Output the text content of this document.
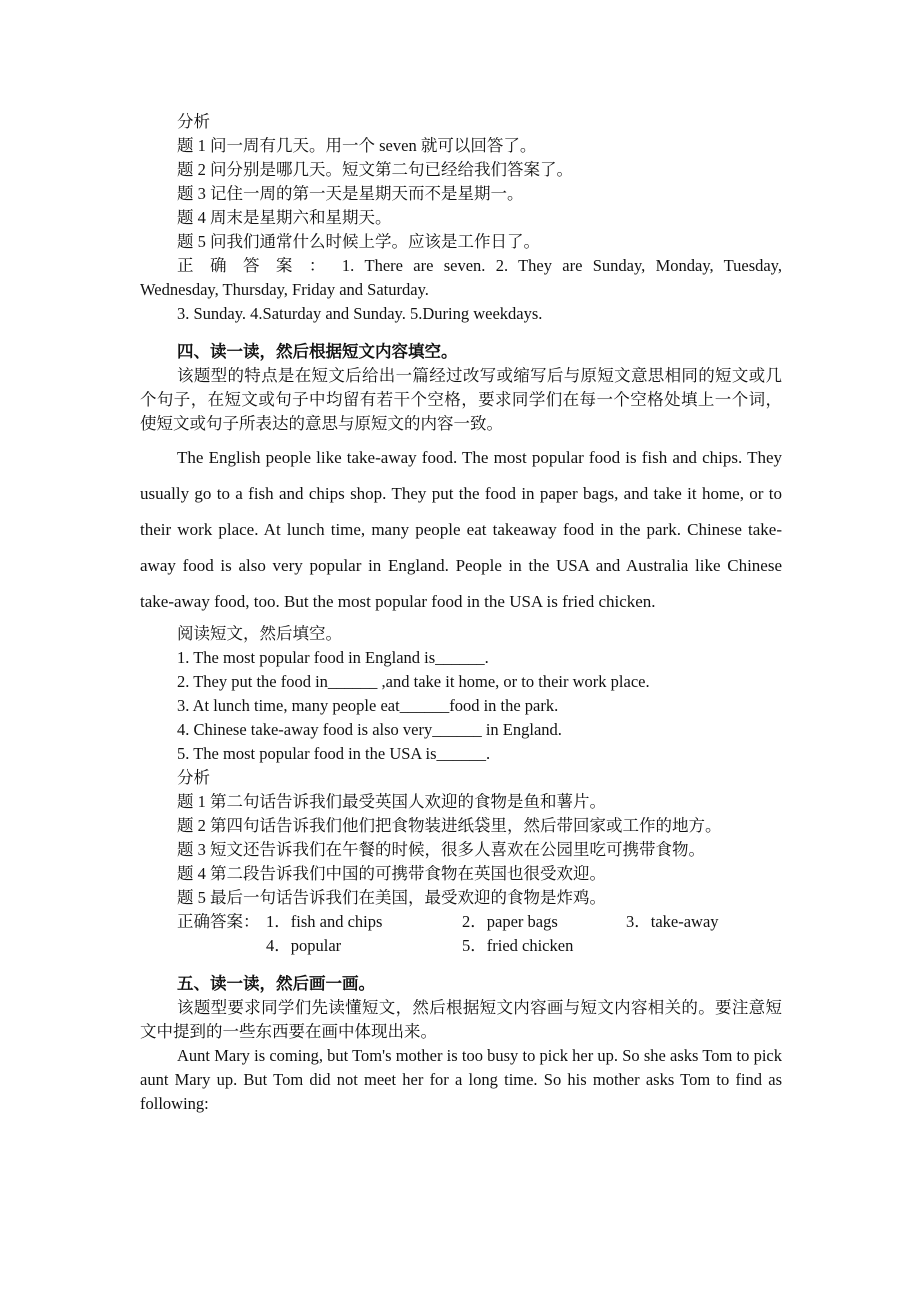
分析
题 1 问一周有几天。用一个 seven 就可以回答了。
题 2 问分别是哪几天。短文第二句已经给我们答案了。
题 3 记住一周的第一天是星期天而不是星期一。
题 4 周末是星期六和星期天。
题 5 问我们通常什么时候上学。应该是工作日了。
正 确 答 案 ： 1. There are seven. 2. They are Sunday, Monday, Tuesday,
Wednesday, Thursday, Friday and Saturday.
3. Sunday. 4.Saturday and Sunday. 5.During weekdays.
四、读一读，然后根据短文内容填空。
该题型的特点是在短文后给出一篇经过改写或缩写后与原短文意思相同的短文或几个句子，在短文或句子中均留有若干个空格，要求同学们在每一个空格处填上一个词，使短文或句子所表达的意思与原短文的内容一致。
The English people like take-away food. The most popular food is fish and chips. They usually go to a fish and chips shop. They put the food in paper bags, and take it home, or to their work place. At lunch time, many people eat takeaway food in the park. Chinese take-away food is also very popular in England. People in the USA and Australia like Chinese take-away food, too. But the most popular food in the USA is fried chicken.
阅读短文，然后填空。
1. The most popular food in England is______.
2. They put the food in______ ,and take it home, or to their work place.
3. At lunch time, many people eat______food in the park.
4. Chinese take-away food is also very______ in England.
5. The most popular food in the USA is______.
分析
题 1 第二句话告诉我们最受英国人欢迎的食物是鱼和薯片。
题 2 第四句话告诉我们他们把食物装进纸袋里，然后带回家或工作的地方。
题 3 短文还告诉我们在午餐的时候，很多人喜欢在公园里吃可携带食物。
题 4 第二段告诉我们中国的可携带食物在英国也很受欢迎。
题 5 最后一句话告诉我们在美国，最受欢迎的食物是炸鸡。
正确答案： 1．fish and chips	2．paper bags	3．take-away
4．popular	5．fried chicken
五、读一读，然后画一画。
该题型要求同学们先读懂短文，然后根据短文内容画与短文内容相关的。要注意短文中提到的一些东西要在画中体现出来。
Aunt Mary is coming, but Tom's mother is too busy to pick her up. So she asks Tom to pick aunt Mary up. But Tom did not meet her for a long time. So his mother asks Tom to find as following:
